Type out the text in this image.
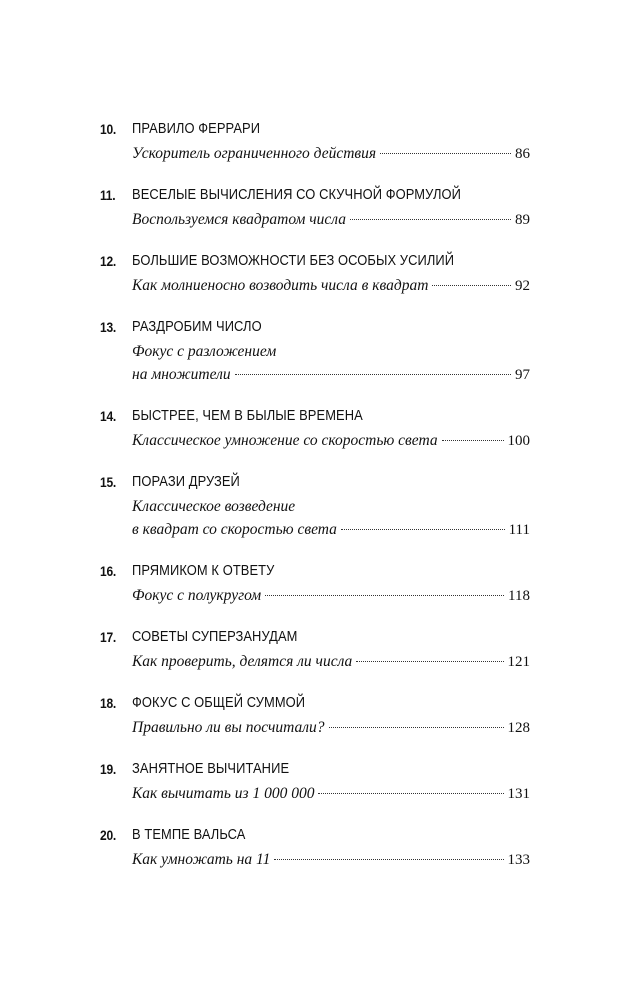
10.	ПРАВИЛО ФЕРРАРИ
Ускоритель ограниченного действия	86
11.	ВЕСЕЛЫЕ ВЫЧИСЛЕНИЯ СО СКУЧНОЙ ФОРМУЛОЙ
Воспользуемся квадратом числа	89
12.	БОЛЬШИЕ ВОЗМОЖНОСТИ БЕЗ ОСОБЫХ УСИЛИЙ
Как молниеносно возводить числа в квадрат	92
13.	РАЗДРОБИМ ЧИСЛО
Фокус с разложением
на множители	97
14.	БЫСТРЕЕ, ЧЕМ В БЫЛЫЕ ВРЕМЕНА
Классическое умножение со скоростью света	100
15.	ПОРАЗИ ДРУЗЕЙ
Классическое возведение
в квадрат со скоростью света	111
16.	ПРЯМИКОМ К ОТВЕТУ
Фокус с полукругом	118
17.	СОВЕТЫ СУПЕРЗАНУДАМ
Как проверить, делятся ли числа	121
18.	ФОКУС С ОБЩЕЙ СУММОЙ
Правильно ли вы посчитали?	128
19.	ЗАНЯТНОЕ ВЫЧИТАНИЕ
Как вычитать из 1 000 000	131
20.	В ТЕМПЕ ВАЛЬСА
Как умножать на 11	133
